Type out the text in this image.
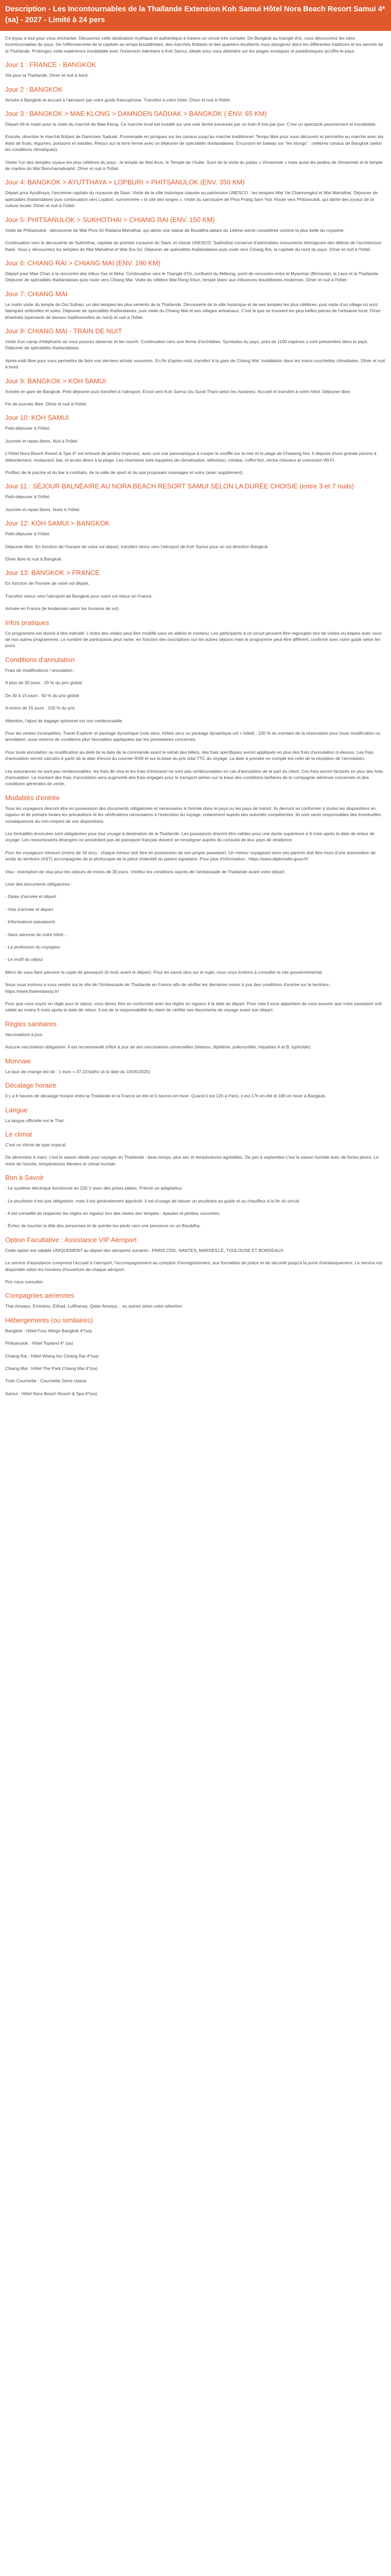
Description - Les Incontournables de la Thaïlande Extension Koh Samui Hôtel Nora Beach Resort Samui 4*(sa) - 2027 - Limité à 24 pers

Ce joyau a tout pour vous enchanter. Découvrez cette destination mythique et authentique à travers un circuit très complet. De Bangkok au triangle d'or, vous découvrirez les sites incontournables du pays. De l'effervescente de la capitale au temps bouddhistes, des marchés flottants et des quartiers bouillants nous plongerez dans les différentes traditions et les secrets de la Thaïlande. Prolongez cette expérience inoubliable avec l'extension balnéaire à Koh Samui, idéale pour vous détendre sur les plages exotiques et paradisiaques qu'offre le pays.

Jour 1 : FRANCE - BANGKOK

Vol pour la Thaïlande. Dîner et nuit à bord.

Jour 2 : BANGKOK

Arrivée à Bangkok et accueil à l'aéroport par votre guide francophone. Transfert à votre hôtel. Dîner et nuit à l'hôtel.

Jour 3 : BANGKOK > MAE KLONG > DAMNOEN SADUAK > BANGKOK ( ENV. 65 KM)

Départ tôt le matin pour la visite du marché de Mae Klong. Ce marché local est installé sur une voie ferrée traversée par un train 8 fois par jour. C'est un spectacle passionnant et inoubliable.

Ensuite, direction le marché flottant de Damnoen Saduak. Promenade en pirogues sur les canaux jusqu'au marché traditionnel. Temps libre pour vous découvrir et permettre au marché avec les étals de fruits, légumes, poissons et viandes. Retour sur la terre ferme avec un déjeuner de spécialités thaïlandaises. Excursion en bateau sur "les klongs" : célèbres canaux de Bangkok (selon les conditions climatiques).

Visiter l'un des temples royaux les plus célèbres du pays : le temple de Wat Arun, le Temple de l'Aube. Suivi de la visite du palais « Vimanmek » mais aussi les jardins de Vimanmek et le temple de marbre du Wat Benchamabophit. Dîner et nuit à l'hôtel.

Jour 4: BANGKOK > AYUTTHAYA > LOPBURI > PHITSANULOK (ENV. 350 KM)

Départ pour Ayutthaya, l'ancienne capitale du royaume de Siam. Visite de la ville historique classée au patrimoine UNESCO : les temples Wat Yai Chaimongkol et Wat Mahathat. Déjeuner de spécialités thaïlandaises puis continuation vers Lopburi, surnommée « la cité des singes ». Visite du sanctuaire de Phra Prang Sam Yod. Route vers Phitsanulok, qui abrite des joyaux de la culture locale. Dîner et nuit à l'hôtel.

Jour 5: PHITSANULOK > SUKHOTHAI > CHIANG RAI (ENV. 150 KM)

Visite de Phitsanulok : découverte de Wat Phra Sri Rattana Mahathat, qui abrite une statue de Bouddha datant du 14ème siècle considérée comme la plus belle du royaume.

Continuation vers la découverte de Sukhothai, capitale du premier royaume du Siam, et classé UNESCO. Sukhothai conserve d'admirables monuments témoignant des débuts de l'architecture thaïe. Vous y découvrirez les temples de Wat Mahathat et Wat Sra Sri. Déjeuner de spécialités thaïlandaises puis route vers Chiang Rai, la capitale du nord du pays. Dîner et nuit à l'hôtel.

Jour 6: CHIANG RAI > CHIANG MAI (ENV. 190 KM)

Départ pour Mae Chan à la rencontre des tribus Yao et Akha. Continuation vers le Triangle d'Or, confluent du Mékong, point de rencontre entre le Myanmar (Birmanie), le Laos et la Thaïlande. Déjeuner de spécialités thaïlandaises puis route vers Chiang Mai. Visite du célèbre Wat Rong Khun, temple blanc aux influences bouddhistes modernes. Dîner et nuit à l'hôtel.

Jour 7: CHIANG MAI

Le matin visite du temple de Doi Suthep, un des temples les plus vénérés de la Thaïlande. Découverte de la ville historique et de ses temples les plus célèbres, puis visite d'un village où sont fabriqués ombrelles et soies. Déjeuner de spécialités thaïlandaises, puis visite du Chiang Mai et ses villages artisanaux. C'est là que se trouvent les plus belles pièces de l'artisanat local. Dîner khantoke (spectacle de danses traditionnelles du nord) et nuit à l'hôtel.

Jour 8: CHIANG MAI - TRAIN DE NUIT

Visite d'un camp d'éléphants où vous pourrez observer et les nourrir. Continuation vers une ferme d'orchidées. Symboles du pays, près de 1100 espèces y sont présentées dans le pays. Déjeuner de spécialités thaïlandaises.

Après-midi libre pour vous permettre de faire vos derniers achats souvenirs. En fin d'après-midi, transfert à la gare de Chiang Mai. Installation dans les trains-couchettes climatisées. Dîner et nuit à bord.

Jour 9: BANGKOK > KOH SAMUI

Arrivée en gare de Bangkok. Petit déjeuner puis transfert à l'aéroport. Envol vers Koh Samui (ou Surat Thani selon les horaires). Accueil et transfert à votre hôtel. Déjeuner libre.

Fin de journée libre. Dîner et nuit à l'hôtel.

Jour 10: KOH SAMUI

Petit-déjeuner à l'hôtel.

Journée et repas libres. Nuit à l'hôtel.

L'Hôtel Nora Beach Resort & Spa 4* est entouré de jardins tropicaux, avec une vue panoramique à couper le souffle sur la mer et la plage de Chaweng Noi. Il dispose d'une grande piscine à débordement, restaurant, bar, et accès direct à la plage. Les chambres sont équipées de climatisation, télévision, minibar, coffre-fort, sèche-cheveux et connexion Wi-Fi.

Profitez de la piscine et du bar à cocktails, de la salle de sport et du spa proposant massages et soins (avec supplément).

Jour 11 : SÉJOUR BALNÉAIRE AU NORA BEACH RESORT SAMUI SELON LA DURÉE CHOISIE (entre 3 et 7 nuits)

Petit-déjeuner à l'hôtel.

Journée et repas libres. Nuits à l'hôtel.

Jour 12: KOH SAMUI > BANGKOK

Petit-déjeuner à l'hôtel.

Déjeuner libre. En fonction de l'horaire de votre vol départ, transfert retour vers l'aéroport de Koh Samui pour un vol direction Bangkok.

Dîner libre et nuit à Bangkok.

Jour 13: BANGKOK > FRANCE

En fonction de l'horaire de votre vol départ.

Transfert retour vers l'aéroport de Bangkok pour votre vol retour en France.

Arrivée en France (le lendemain selon les horaires de vol)

Infos pratiques

Ce programme est donné à titre indicatif. L'ordre des visites peut être modifié sans en altérer le contenu. Les participants à ce circuit peuvent être regroupés lors de visites ou étapes avec ceux de nos autres programmes. Le nombre de participants peut varier, en fonction des inscriptions sur les autres séjours mais le programme peut-être différent, confirmé avec votre guide selon les jours.

Conditions d'annulation

Frais de modifications / annulation :

A plus de 30 jours : 20 % du prix global

De 30 à 15 jours : 50 % du prix global

A moins de 15 jours : 100 % du prix

Attention, l'ajout de bagage optionnel est non remboursable.

Pour les ventes incomplètes, Travel Explorer et package dynamique (vols secs, hôtels secs ou package dynamique vol + hôtel) : 100 % du montant de la réservation pour toute modification ou annulation, sous réserve de conditions plus favorables appliquées par les prestataires concernés.

Pour toute annulation ou modification au-delà de la date de la commande avant le retrait des billets, des frais spécifiques seront appliqués en plus des frais d'annulation ci-dessus. Les frais d'annulation seront calculés à partir de la date d'envoi du courrier RAR et sur la base du prix total TTC du voyage. La date à prendre en compte est celle de la réception de l'annulation.

Les assurances ne sont pas remboursables, les frais de visa et les frais d'émission ne sont pas remboursables en cas d'annulation de la part du client. Ces frais seront facturés en plus des frais d'annulation. Le montant des frais d'annulation sera augmenté des frais engagés pour le transport aérien sur la base des conditions tarifaires de la compagnie aérienne concernée et des conditions générales de vente.

Modalités d'entrée

Tous les voyageurs devront être en possession des documents obligatoires et nécessaires à l'entrée dans le pays ou les pays de transit. Ils devront se conformer à toutes les dispositions en vigueur et de prendre toutes les précautions et les vérifications nécessaires à l'exécution du voyage, notamment auprès des autorités compétentes. Ils sont seuls responsables des éventuelles conséquences du non-respect de ces dispositions.

Les formalités énoncées sont obligatoires pour tout voyage à destination de la Thaïlande. Les passeports doivent être valides pour une durée supérieure à 6 mois après la date de retour de voyage. Les ressortissants étrangers ne possédant pas de passeport français doivent se renseigner auprès du consulat de leur pays de résidence.

Pour les voyageurs mineurs (moins de 18 ans) : chaque mineur doit être en possession de son propre passeport. Un mineur voyageant sans ses parents doit être muni d'une autorisation de sortie du territoire (AST) accompagnée de la photocopie de la pièce d'identité du parent signataire. Pour plus d'information : https://www.diplomatie.gouv.fr/

Visa : exemption de visa pour les séjours de moins de 30 jours. Vérifiez les conditions auprès de l'ambassade de Thaïlande avant votre départ.

Liste des documents obligatoires :

- Dates d'arrivée et départ

- Vols d'arrivée et départ

- Informations passeports

- Sans adresse de votre hôtel...

- La profession du voyageur

- Le motif du séjour

Merci de vous faire parvenir la copie de passeport (6 mois avant le départ). Pour en savoir plus sur le sujet, nous vous invitons à consulter le site gouvernemental.

Nous vous invitons à vous rendre sur le site de l'Ambassade de Thaïlande en France afin de vérifier les dernières mises à jour des conditions d'entrée sur le territoire : https://www.thaiembassy.fr/

Pour que vous soyez en règle pour le séjour, vous devez être en conformité avec les règles en vigueur à la date du départ. Pour cela il vous appartient de vous assurer que votre passeport soit valide au moins 6 mois après la date de retour. Il est de la responsabilité du client de vérifier ses documents de voyage avant son départ.

Règles sanitaires

Vaccinations à jour.

Aucune vaccination obligatoire. Il est recommandé d'être à jour de ses vaccinations universelles (tétanos, diphtérie, poliomyélite, hépatites A et B, typhoïde).

Monnaie

La taux de change est de : 1 euro = 37,23 baths (à la date du 16/05/2025)

Décalage horaire

Il y a 6 heures de décalage horaire entre la Thaïlande et la France en été et 5 heures en hiver. Quand il est 12h à Paris, il est 17h en été et 18h en hiver à Bangkok.

Langue

La langue officielle est le Thaï.

Le climat

C'est un climat de type tropical.

De décembre à mars: c'est la saison idéale pour voyager en Thaïlande : beau temps, plus sec et températures agréables. De juin à septembre c'est la saison humide avec de fortes pluies. Le reste de l'année, températures élevées et climat humide.

Bon à Savoir

- Le système électrique fonctionne en 220 V avec des prises plates. Prévoir un adaptateur.

- Le pourboire n'est pas obligatoire, mais il est généralement apprécié. Il est d'usage de laisser un pourboire au guide et au chauffeur à la fin du circuit.

- Il est conseillé de respecter les règles en vigueur lors des visites des temples : épaules et jambes couvertes.

- Évitez de toucher la tête des personnes et de pointer les pieds vers une personne ou un Bouddha.

Option Facultative : Assistance VIP Aéroport

Cette option est valable UNIQUEMENT au départ des aéroports suivants : PARIS CDG, NANTES, MARSEILLE, TOULOUSE ET BORDEAUX.

Le service d'assistance comprend l'accueil à l'aéroport, l'accompagnement au comptoir d'enregistrement, aux formalités de police et de sécurité jusqu'à la porte d'embarquement. Le service est disponible selon les horaires d'ouverture de chaque aéroport.

Prix nous consulter.

Compagnies aériennes

Thai Airways, Emirates, Etihad, Lufthansa, Qatar Airways... ou autres selon votre sélection

Hébergements (ou similaires)

Bangkok : Hôtel Four Wings Bangkok 4*(sa)

Phitsanulok : Hôtel Topland 4* (sa)

Chiang Rai : Hôtel Wiang Inn Chiang Rai 4*(sa)

Chiang Mai : Hôtel The Park Chiang Mai 4*(sa)

Train Couchette : Couchette 2ème classe

Samui : Hôtel Nora Beach Resort & Spa 4*(sa)
